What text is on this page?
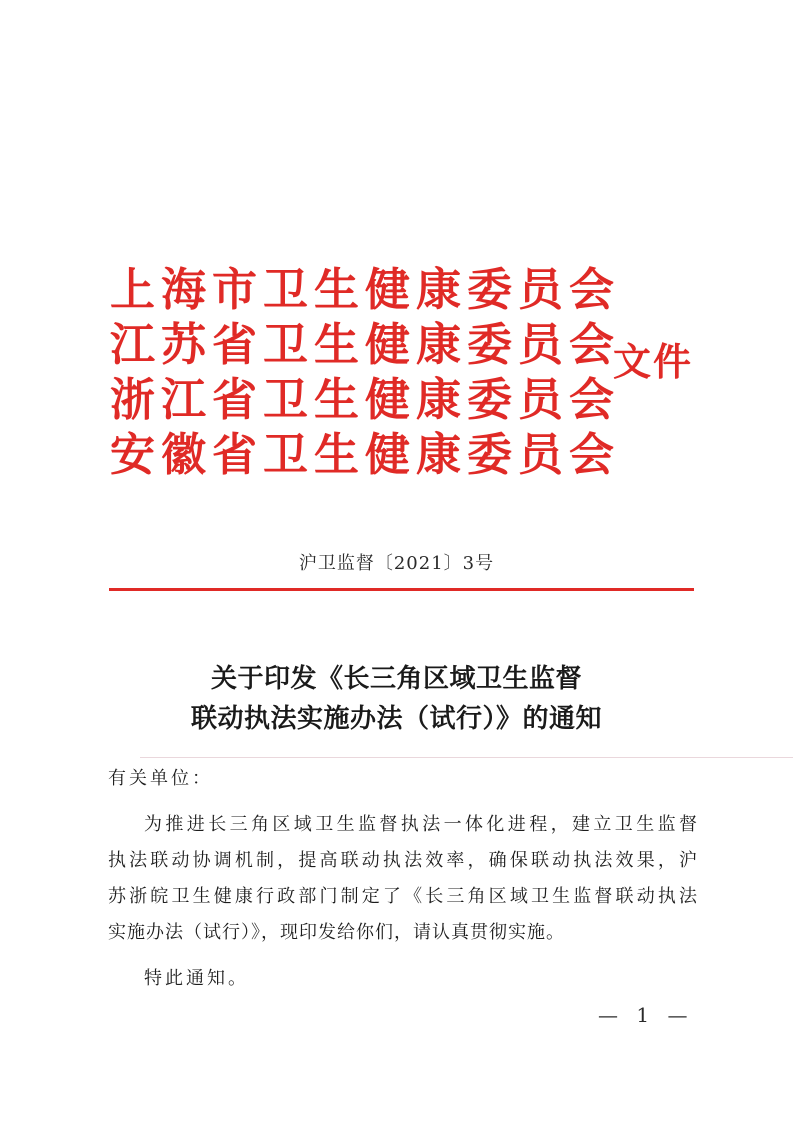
上海市卫生健康委员会
江苏省卫生健康委员会
浙江省卫生健康委员会
安徽省卫生健康委员会
文件
沪卫监督〔2021〕3号
关于印发《长三角区域卫生监督
联动执法实施办法（试行）》的通知
有关单位：
为推进长三角区域卫生监督执法一体化进程，建立卫生监督
执法联动协调机制，提高联动执法效率，确保联动执法效果，沪
苏浙皖卫生健康行政部门制定了《长三角区域卫生监督联动执法
实施办法（试行）》，现印发给你们，请认真贯彻实施。
特此通知。
— 1 —
